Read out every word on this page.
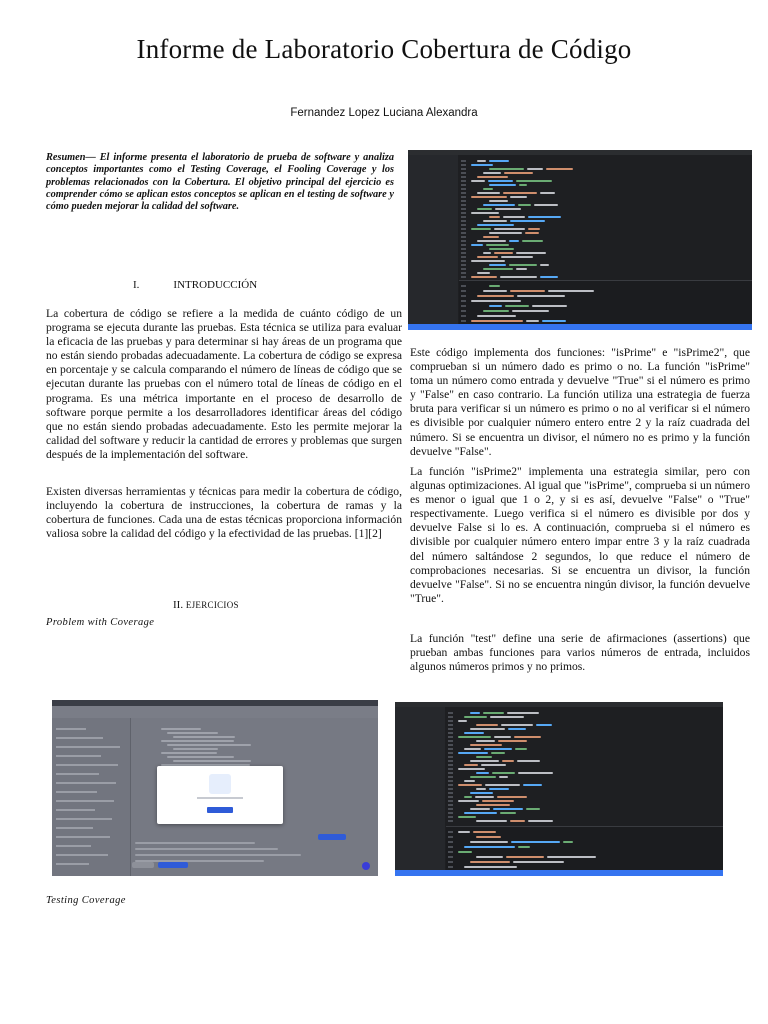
Informe de Laboratorio Cobertura de Código
Fernandez Lopez Luciana Alexandra
Resumen— El informe presenta el laboratorio de prueba de software y analiza conceptos importantes como el Testing Coverage, el Fooling Coverage y los problemas relacionados con la Cobertura. El objetivo principal del ejercicio es comprender cómo se aplican estos conceptos se aplican en el testing de software y cómo pueden mejorar la calidad del software.
I.	INTRODUCCIÓN
La cobertura de código se refiere a la medida de cuánto código de un programa se ejecuta durante las pruebas. Esta técnica se utiliza para evaluar la eficacia de las pruebas y para determinar si hay áreas de un programa que no están siendo probadas adecuadamente. La cobertura de código se expresa en porcentaje y se calcula comparando el número de líneas de código que se ejecutan durante las pruebas con el número total de líneas de código en el programa. Es una métrica importante en el proceso de desarrollo de software porque permite a los desarrolladores identificar áreas del código que no están siendo probadas adecuadamente. Esto les permite mejorar la calidad del software y reducir la cantidad de errores y problemas que surgen después de la implementación del software.
Existen diversas herramientas y técnicas para medir la cobertura de código, incluyendo la cobertura de instrucciones, la cobertura de ramas y la cobertura de funciones. Cada una de estas técnicas proporciona información valiosa sobre la calidad del código y la efectividad de las pruebas. [1][2]
II. EJERCICIOS
Problem with Coverage
Este código implementa dos funciones: "isPrime" e "isPrime2", que comprueban si un número dado es primo o no. La función "isPrime" toma un número como entrada y devuelve "True" si el número es primo y "False" en caso contrario. La función utiliza una estrategia de fuerza bruta para verificar si un número es primo o no al verificar si el número es divisible por cualquier número entero entre 2 y la raíz cuadrada del número. Si se encuentra un divisor, el número no es primo y la función devuelve "False".
La función "isPrime2" implementa una estrategia similar, pero con algunas optimizaciones. Al igual que "isPrime", comprueba si un número es menor o igual que 1 o 2, y si es así, devuelve "False" o "True" respectivamente. Luego verifica si el número es divisible por dos y devuelve False si lo es. A continuación, comprueba si el número es divisible por cualquier número entero impar entre 3 y la raíz cuadrada del número saltándose 2 segundos, lo que reduce el número de comprobaciones necesarias. Si se encuentra un divisor, la función devuelve "False". Si no se encuentra ningún divisor, la función devuelve "True".
La función "test" define una serie de afirmaciones (assertions) que prueban ambas funciones para varios números de entrada, incluidos algunos números primos y no primos.
Testing Coverage
